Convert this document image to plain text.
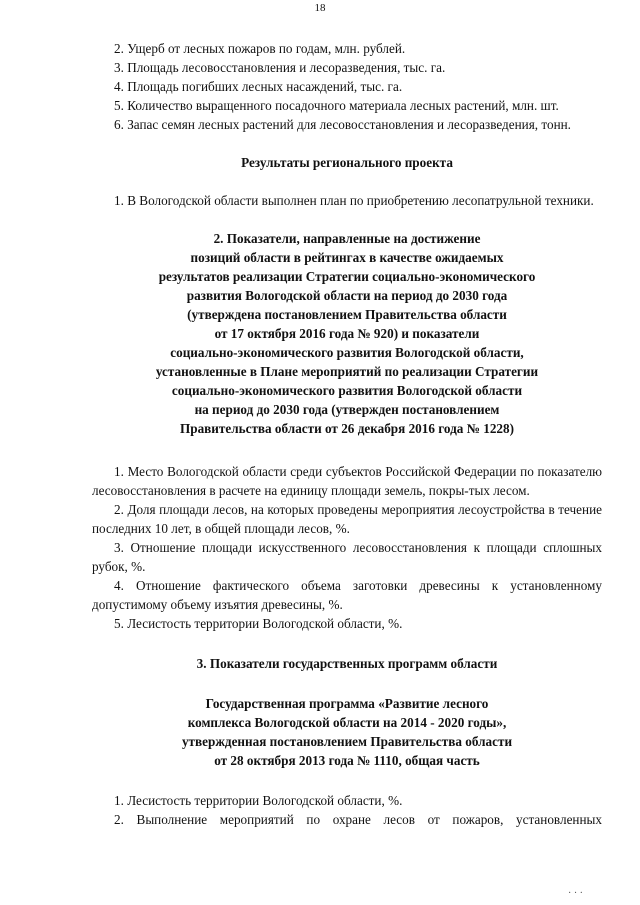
18

2. Ущерб от лесных пожаров по годам, млн. рублей.

3. Площадь лесовосстановления и лесоразведения, тыс. га.

4. Площадь погибших лесных насаждений, тыс. га.

5. Количество выращенного посадочного материала лесных растений, млн. шт.

6. Запас семян лесных растений для лесовосстановления и лесоразведения, тонн.

Результаты регионального проекта

1. В Вологодской области выполнен план по приобретению лесопатрульной техники.

2. Показатели, направленные на достижение

позиций области в рейтингах в качестве ожидаемых

результатов реализации Стратегии социально-экономического

развития Вологодской области на период до 2030 года

(утверждена постановлением Правительства области

от 17 октября 2016 года № 920) и показатели

социально-экономического развития Вологодской области,

установленные в Плане мероприятий по реализации Стратегии

социально-экономического развития Вологодской области

на период до 2030 года (утвержден постановлением

Правительства области от 26 декабря 2016 года № 1228)

1. Место Вологодской области среди субъектов Российской Федерации по показателю лесовосстановления в расчете на единицу площади земель, покры-тых лесом.

2. Доля площади лесов, на которых проведены мероприятия лесоустройства в течение последних 10 лет, в общей площади лесов, %.

3. Отношение площади искусственного лесовосстановления к площади сплошных рубок, %.

4. Отношение фактического объема заготовки древесины к установленному допустимому объему изъятия древесины, %.

5. Лесистость территории Вологодской области, %.

3. Показатели государственных программ области

Государственная программа «Развитие лесного

комплекса Вологодской области на 2014 - 2020 годы»,

утвержденная постановлением Правительства области

от 28 октября 2013 года № 1110, общая часть

1. Лесистость территории Вологодской области, %.

2. Выполнение мероприятий по охране лесов от пожаров, установленных

· · ·
